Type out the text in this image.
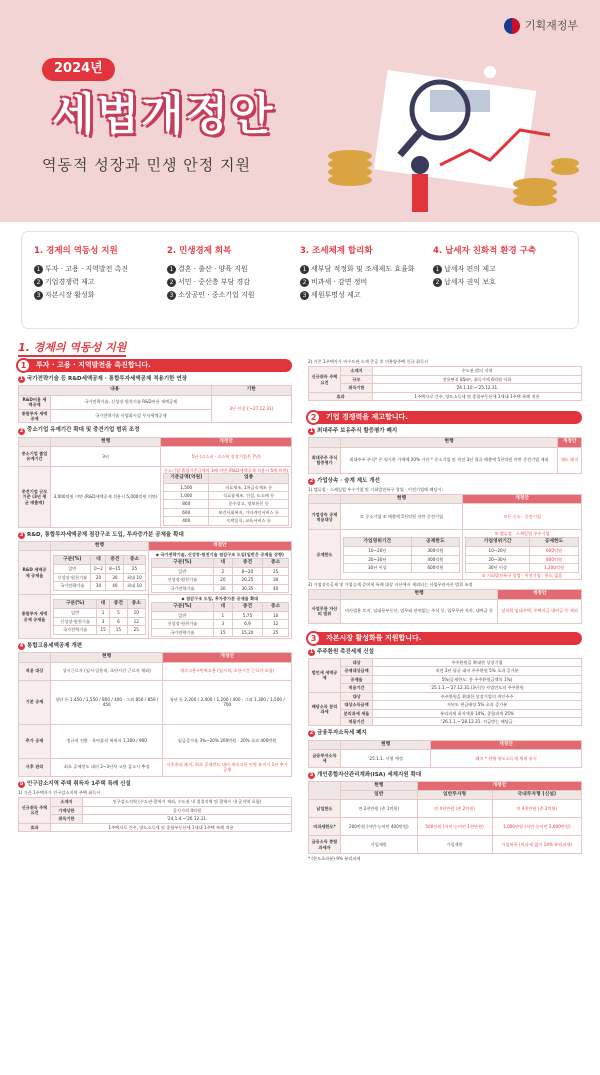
기획재정부
2024년
세법개정안
역동적 성장과 민생 안정 지원
1. 경제의 역동성 지원
1 투자 · 고용 · 지역발전 촉진
2 기업경쟁력 제고
3 자본시장 활성화
2. 민생경제 회복
1 결혼 · 출산 · 양육 지원
2 서민 · 중산층 부담 경감
3 소상공인 · 중소기업 지원
3. 조세체계 합리화
1 세부담 적정화 및 조세제도 효율화
2 비과세 · 감면 정비
3 세원투명성 제고
4. 납세자 친화적 환경 구축
1 납세자 편의 제고
2 납세자 권익 보호
1. 경제의 역동성 지원
1	투자 · 고용 · 지역발전을 촉진합니다.
1 국가전략기술 등 R&D세액공제 · 통합투자세액공제 적용기한 연장
내용		기한
R&D비용 세액공제	국가전략기술, 신성장·원천기술 R&D비용 세액공제	3년 연장 ('~27.12.31)
통합투자 세액공제	국가전략기술 사업화시설 투자세액공제	
2 중소기업 유예기간 확대 및 중견기업 범위 조정
	현행	개정안
중소기업 졸업 유예기간	3년	5년 (코스피 · 코스닥 상장기업은 7년)
중견기업 규모 기준 (3년 평균 매출액)	3,000억원 미만 (R&D세액공제 적용시 5,000억원 미만)	
중소기업 졸업기준금액의 3배 미만 (R&D세액공제 적용시 5배 미만)
기준금액(억원)	업종
1,500	의료제조, 1차금속제조 등
1,000	식료품제조, 건설, 도소매 등
800	운수창고, 정보통신 등
600	보건사회복지, 기타개인서비스 등
400	숙박음식, 교육서비스 등
3 R&D, 통합투자세액공제 점감구조 도입, 투자증가분 공제율 확대
	현행	개정안
R&D 세액공제 공제율	
구분(%)	대	중견	중소
일반	0~2	8~15	25
신성장·원천기술	20	30	최대 10
국가전략기술	30	40	최대 10

◆ 국가전략기술, 신성장·원천기술 점감구조 도입(일반은 공제율 상향)
구분(%)	대	중견	중소
일반	2	8~20	25
신성장·원천기술	20	20,25	30
국가전략기술	30	30,35	40

통합투자 세액공제 공제율	
구분(%)	대	중견	중소
일반	1	5	10
신성장·원천기술	3	6	12
국가전략기술	15	15	25

◆ 점감구조 도입, 투자증가분 공제율 확대
구분(%)	대	중견	중소
일반	1	5,75	10
신성장·원천기술	3	6,9	12
국가전략기술	15	15,20	25
4 통합고용세액공제 개편
	현행	개정안
적용 대상	상시근로자 (임시·일용직, 초단시간 근로자 제외)	계속고용+탄력고용 (임시직, 초단시간 근로자 포함)
기본 공제	청년 등 1,450 / 1,550 / 800 / 400 · 그외 850 / 850 / 450	청년 등 2,200 / 2,400 / 1,200 / 400 · 그외 1,300 / 1,500 / 700
추가 공제	정규직 전환 · 육아휴직 복귀자 1,300 / 900	임금증가율 3%~20% 200만원 · 20% 초과 400만원
사후 관리	최초 공제연도 대비 2~3년차 고용 감소시 추징	사후관리 폐지, 최초 공제연도 대비 계속고용 인원 유지시 1년 추가공제
5 인구감소지역 주택 취득자 1주택 특례 신설
1) 기존 1주택자가 인구감소지역 주택 취득시
신규취득 주택요건	소재지	인구감소지역 (수도권·광역시 제외, 수도권 내 접경지역 및 광역시 내 군지역 포함)
	가액상한	공시가격 4억원
	취득기한	'24.1.4.~'26.12.31.
효과	1주택자로 간주, 양도소득세 및 종합부동산세 1세대 1주택 특례 적용	
2) 기존 1주택자가 비수도권 소재 준공 후 미분양주택 신규 취득시
신규취득 주택요건	소재지	수도권 밖의 지역
	규모	전용면적 85m², 취득가액 6억원 이하
	취득기한	'24.1.10.~'25.12.31.
효과		1주택자로 간주, 양도소득세 및 종합부동산세 1세대 1주택 특례 적용
2	기업 경쟁력을 제고합니다.
1 최대주주 보유주식 할증평가 폐지
	현행	개정안
최대주주 주식 할증평가	최대주주 주식* 은 평가한 가액에 20% 가산 * 중소기업 및 직전 3년 평균 매출액 5천억원 미만 중견기업 제외	제도 폐지
2 가업상속 · 승계 제도 개선
1) 밸류업 · 스케일업 우수기업 및 기회발전특구 창업 · 이전기업에 해당시:
	현행	개정안
가업상속 공제 적용대상	① 중소기업 ② 매출액 5천억원 미만 중견기업	모든 중소 · 중견기업
공제한도	
가업영위기간	공제한도
10~20년	300억원
20~30년	400억원
30년 이상	600억원

① 밸류업 · 스케일업 우수기업
가업영위기간	공제한도
10~20년	600억원
20~30년	800억원
30년 이상	1,200억원
② 기회발전특구 창업 · 이전기업 : 한도 없음
2) 가업상속공제 및 가업승계 증여세 특례 대상 자산에서 제외되는 사업무관자산 범위 조정
	현행	개정안
사업무관 자산의 범위	비사업용 토지, 임대용부동산, 업무와 관련없는 주식 등, 업무무관 자산, 대여금 등	임직원 임대주택, 주택자금 대여금 등 제외
3	자본시장 활성화를 지원합니다.
1 주주환원 촉진세제 신설
법인세 세액공제	대상	주주환원을 확대한 상장기업
	공제대상금액	직전 3년 평균 대비 주주환원 5% 초과 증가분
	공제율	5%(공제한도: 총 주주환원금액의 1%)
	적용기간	'25.1.1.~'27.12.31.(3년간) 사업연도의 주주환원
배당소득 분리과세	대상	주주환원을 확대한 상장기업의 개인주주
	대상소득금액	저년도 현금배당 5% 초과 증가분
	분리과세 세율	분리과세 최저세율 14%, 종합과세 25%
	적용기간	'26.1.1.~'28.12.31. 지급받는 배당금
2 금융투자소득세 폐지
	현행	개정안
금융투자소득세	'25.1.1. 시행 예정	폐지 * 현행 양도소득세 체계 유지
3 개인종합자산관리계좌(ISA) 세제지원 확대
	현행	개정안	
	일반	일반투자형	국내투자형 (신설)
납입한도	연 2천만원 (총 1억원)	연 4천만원 (총 2억원)	연 4천만원 (총 2억원)
비과세한도*	200만원 (서민·농어민 400만원)	500만원 (서민·농어민 1천만원)	1,000만원 (서민·농어민 2,000만원)
금융소득 종합과세자	가입제한	가입제한	가입허용 (비과세 없이 14% 분리과세)
* (한도초과분) 9% 분리과세
